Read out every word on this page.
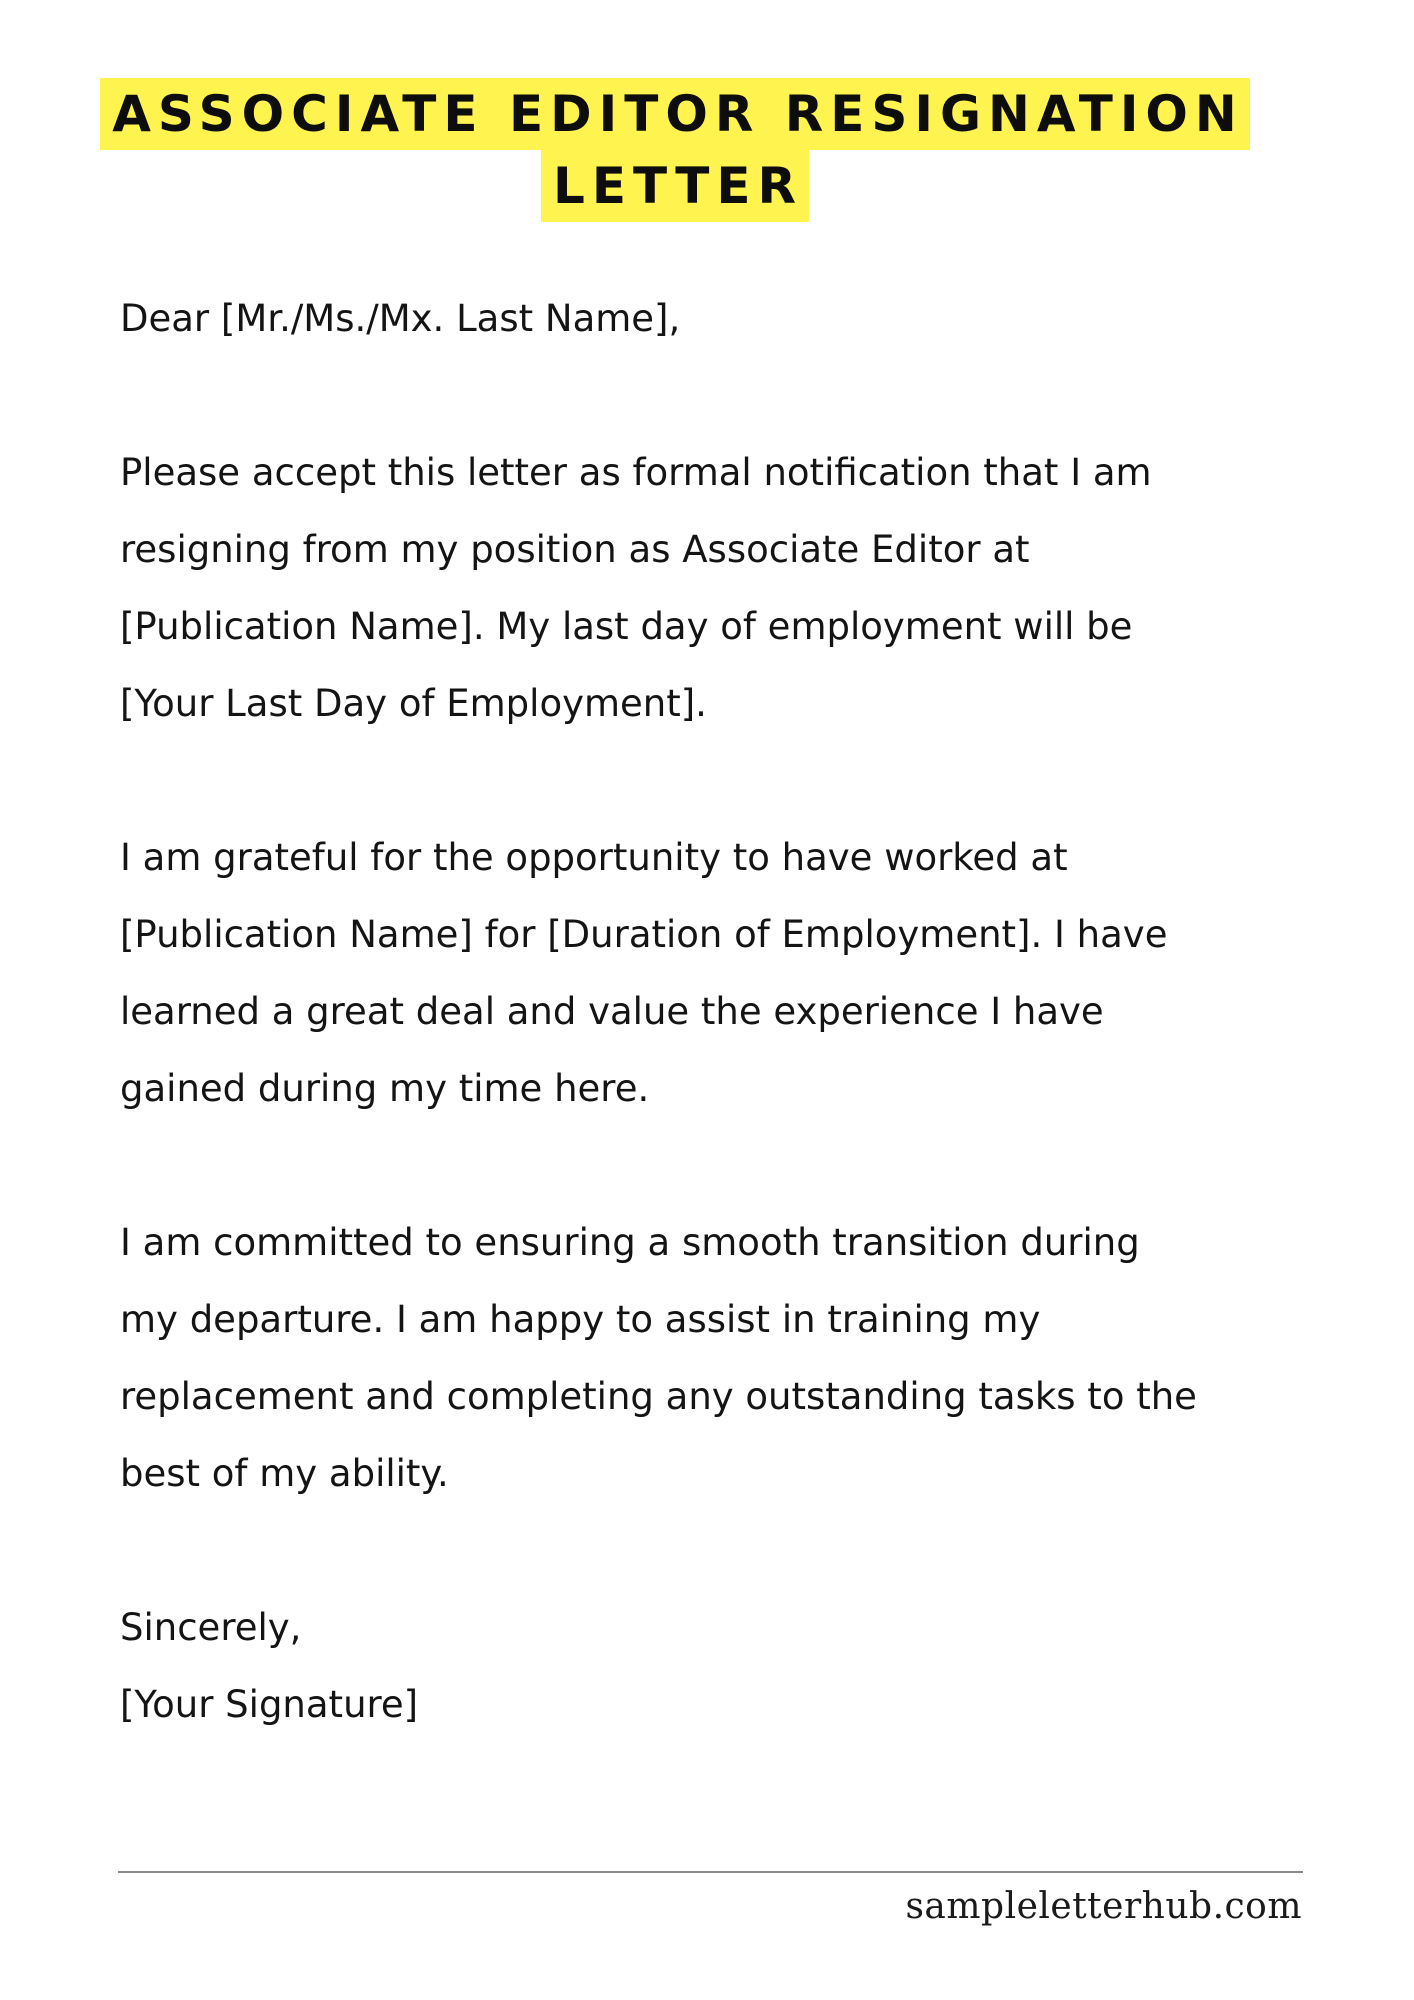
ASSOCIATE EDITOR RESIGNATION
LETTER

Dear [Mr./Ms./Mx. Last Name],

Please accept this letter as formal notification that I am

resigning from my position as Associate Editor at

[Publication Name]. My last day of employment will be

[Your Last Day of Employment].

I am grateful for the opportunity to have worked at

[Publication Name] for [Duration of Employment]. I have

learned a great deal and value the experience I have

gained during my time here.

I am committed to ensuring a smooth transition during

my departure. I am happy to assist in training my

replacement and completing any outstanding tasks to the

best of my ability.

Sincerely,

[Your Signature]

sampleletterhub.com
